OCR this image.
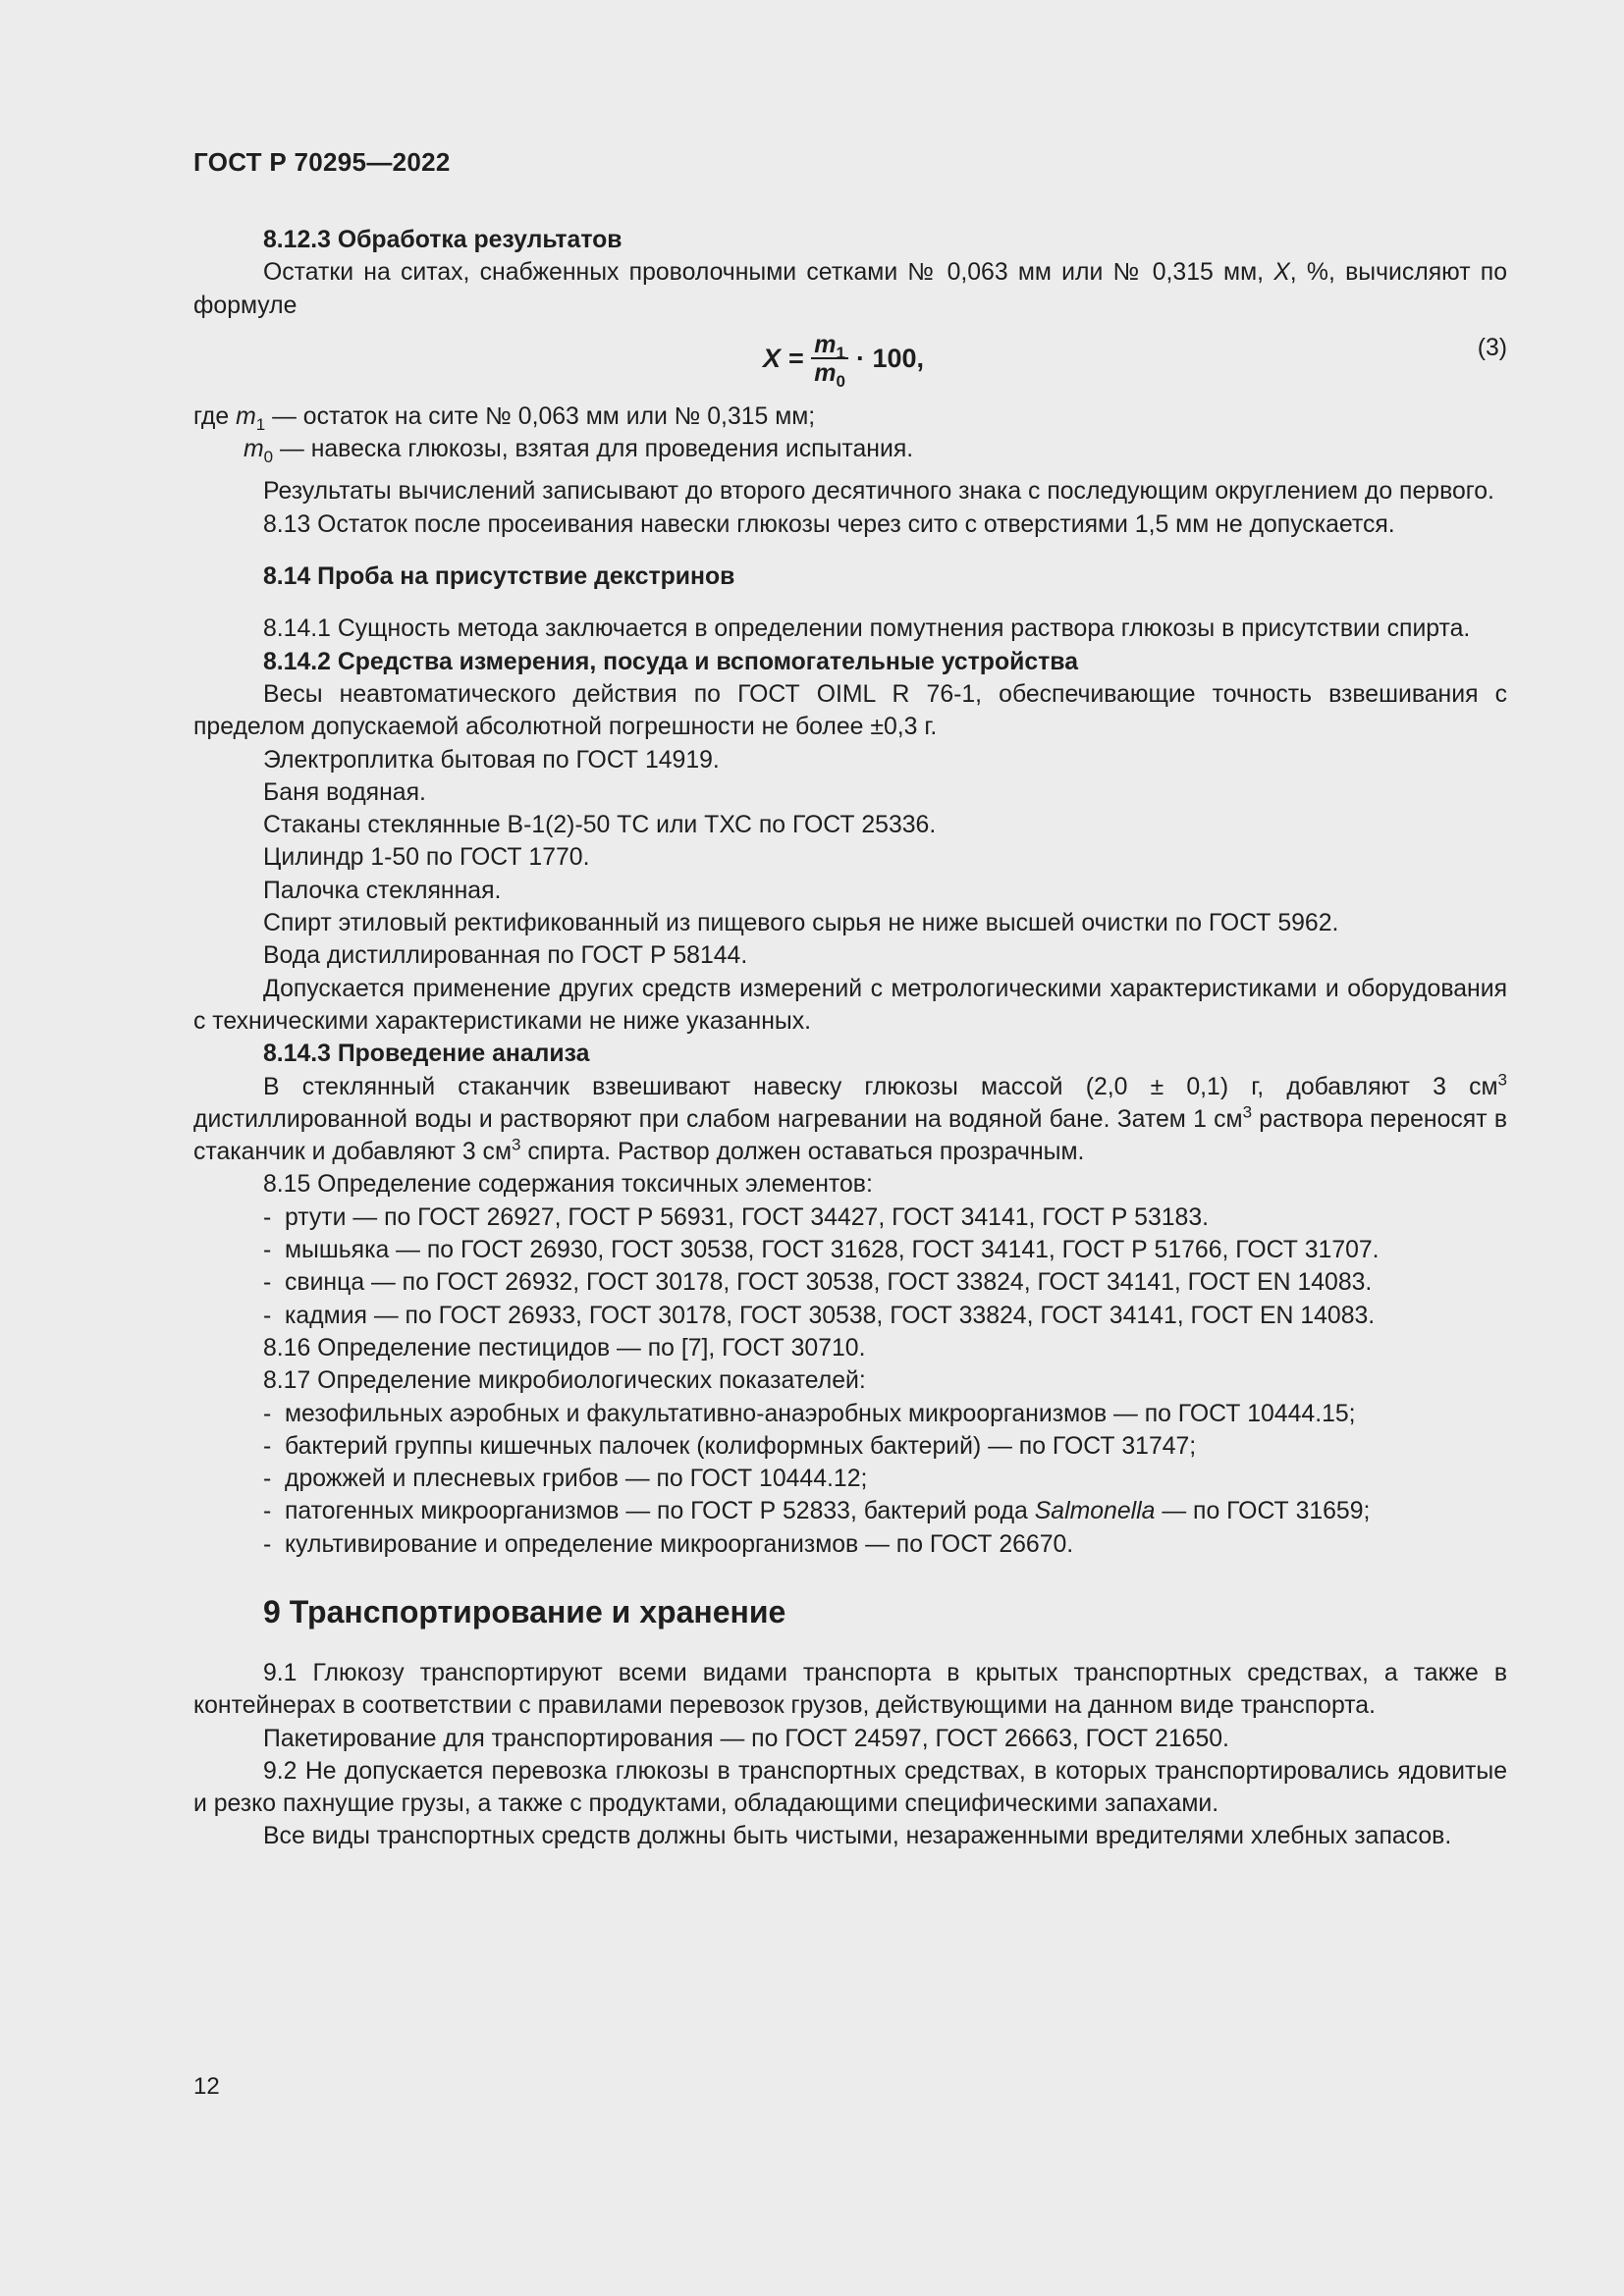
ГОСТ Р 70295—2022

8.12.3 Обработка результатов

Остатки на ситах, снабженных проволочными сетками № 0,063 мм или № 0,315 мм, X, %, вычисляют по формуле

$X = \frac{m_1}{m_0} \cdot 100$,	(3)

где $m_1$ — остаток на сите № 0,063 мм или № 0,315 мм;

$m_0$ — навеска глюкозы, взятая для проведения испытания.

Результаты вычислений записывают до второго десятичного знака с последующим округлением до первого.

8.13 Остаток после просеивания навески глюкозы через сито с отверстиями 1,5 мм не допускается.

8.14 Проба на присутствие декстринов

8.14.1 Сущность метода заключается в определении помутнения раствора глюкозы в присутствии спирта.

8.14.2 Средства измерения, посуда и вспомогательные устройства

Весы неавтоматического действия по ГОСТ OIML R 76-1, обеспечивающие точность взвешивания с пределом допускаемой абсолютной погрешности не более ±0,3 г.

Электроплитка бытовая по ГОСТ 14919.

Баня водяная.

Стаканы стеклянные В-1(2)-50 ТС или ТХС по ГОСТ 25336.

Цилиндр 1-50 по ГОСТ 1770.

Палочка стеклянная.

Спирт этиловый ректификованный из пищевого сырья не ниже высшей очистки по ГОСТ 5962.

Вода дистиллированная по ГОСТ Р 58144.

Допускается применение других средств измерений с метрологическими характеристиками и оборудования с техническими характеристиками не ниже указанных.

8.14.3 Проведение анализа

В стеклянный стаканчик взвешивают навеску глюкозы массой (2,0 ± 0,1) г, добавляют 3 $см^3$ дистиллированной воды и растворяют при слабом нагревании на водяной бане. Затем 1 $см^3$ раствора переносят в стаканчик и добавляют 3 $см^3$ спирта. Раствор должен оставаться прозрачным.

8.15 Определение содержания токсичных элементов:

- ртути — по ГОСТ 26927, ГОСТ Р 56931, ГОСТ 34427, ГОСТ 34141, ГОСТ Р 53183.
- мышьяка — по ГОСТ 26930, ГОСТ 30538, ГОСТ 31628, ГОСТ 34141, ГОСТ Р 51766, ГОСТ 31707.
- свинца — по ГОСТ 26932, ГОСТ 30178, ГОСТ 30538, ГОСТ 33824, ГОСТ 34141, ГОСТ EN 14083.
- кадмия — по ГОСТ 26933, ГОСТ 30178, ГОСТ 30538, ГОСТ 33824, ГОСТ 34141, ГОСТ EN 14083.

8.16 Определение пестицидов — по [7], ГОСТ 30710.

8.17 Определение микробиологических показателей:

- мезофильных аэробных и факультативно-анаэробных микроорганизмов — по ГОСТ 10444.15;
- бактерий группы кишечных палочек (колиформных бактерий) — по ГОСТ 31747;
- дрожжей и плесневых грибов — по ГОСТ 10444.12;
- патогенных микроорганизмов — по ГОСТ Р 52833, бактерий рода Salmonella — по ГОСТ 31659;
- культивирование и определение микроорганизмов — по ГОСТ 26670.
9 Транспортирование и хранение

9.1 Глюкозу транспортируют всеми видами транспорта в крытых транспортных средствах, а также в контейнерах в соответствии с правилами перевозок грузов, действующими на данном виде транспорта.

Пакетирование для транспортирования — по ГОСТ 24597, ГОСТ 26663, ГОСТ 21650.

9.2 Не допускается перевозка глюкозы в транспортных средствах, в которых транспортировались ядовитые и резко пахнущие грузы, а также с продуктами, обладающими специфическими запахами.

Все виды транспортных средств должны быть чистыми, незараженными вредителями хлебных запасов.

12
